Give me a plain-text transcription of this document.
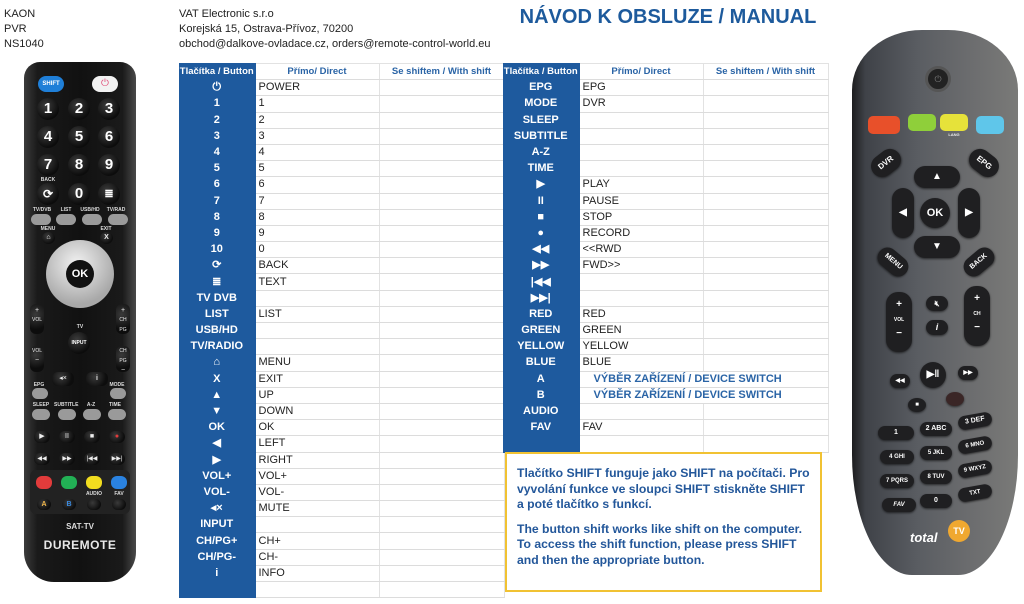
KAON
PVR
NS1040
VAT Electronic s.r.o
Korejská 15, Ostrava-Přívoz, 70200
obchod@dalkove-ovladace.cz, orders@remote-control-world.eu
NÁVOD K OBSLUZE / MANUAL
Tlačítka / Button	Přímo/ Direct	Se shiftem / With shift
⏻	POWER	
1	1	
2	2	
3	3	
4	4	
5	5	
6	6	
7	7	
8	8	
9	9	
10	0	
⟳	BACK	
≣	TEXT	
TV DVB		
LIST	LIST	
USB/HD		
TV/RADIO		
⌂	MENU	
X	EXIT	
▲	UP	
▼	DOWN	
OK	OK	
◀	LEFT	
▶	RIGHT	
VOL+	VOL+	
VOL-	VOL-	
◂×	MUTE	
INPUT		
CH/PG+	CH+	
CH/PG-	CH-	
i	INFO	

Tlačítka / Button	Přímo/ Direct	Se shiftem / With shift
EPG	EPG	
MODE	DVR	
SLEEP		
SUBTITLE		
A-Z		
TIME		
▶	PLAY	
II	PAUSE	
■	STOP	
●	RECORD	
◀◀	<<RWD	
▶▶	FWD>>	
|◀◀		
▶▶|		
RED	RED	
GREEN	GREEN	
YELLOW	YELLOW	
BLUE	BLUE	
A	VÝBĚR ZAŘÍZENÍ / DEVICE SWITCH	
B	VÝBĚR ZAŘÍZENÍ / DEVICE SWITCH	
AUDIO		
FAV	FAV	

Tlačítko SHIFT funguje jako SHIFT na počítači. Pro vyvolání funkce ve sloupci SHIFT stiskněte SHIFT a poté tlačítko s funkcí.

The button shift works like shift on the computer. To access the shift function, please press SHIFT and then the appropriate button.

SHIFT	⏻
1	2	3
4	5	6
7	8	9
BACK
⟳	0	≣
TV/DVB	LIST	USB/HD	TV/RAD
MENU	EXIT
⌂	X
OK
+
VOL
+
CH PG
TV
INPUT
VOL
−
CH PG
−
◂×	i
EPG	MODE
SLEEP SUBTITLE	A-Z	TIME
▶	II	■	●
◀◀	▶▶	|◀◀	▶▶|
AUDIO	FAV
A	B
SAT-TV
DUREMOTE
⏻
LANG
DVR	EPG
▲
◀	▶
OK
▼
MENU	BACK
+
VOL
−
+
CH
−
🔇︎
i
▶‖
◀◀
▶▶
■
1
2 ABC
3 DEF
4 GHI
5 JKL
6 MNO
7 PQRS
8 TUV
9 WXYZ
FAV
0
TXT
total	TV
